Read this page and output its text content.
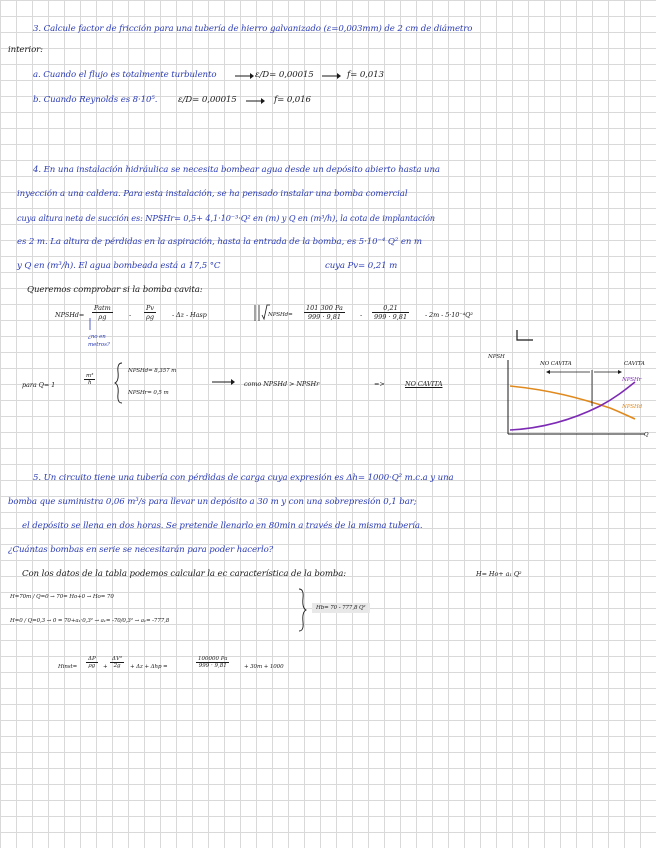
3. Calcule factor de fricción para una tubería de hierro galvanizado (ε=0,003mm) de 2 cm de diámetro
interior:
a. Cuando el flujo es totalmente turbulento	ε/D= 0,00015	f= 0,013
b. Cuando Reynolds es 8·10⁵. ε/D= 0,00015	f= 0,016
4. En una instalación hidráulica se necesita bombear agua desde un depósito abierto hasta una
inyección a una caldera. Para esta instalación, se ha pensado instalar una bomba comercial
cuya altura neta de succión es: NPSHr= 0,5+ 4,1·10⁻³·Q² en (m) y Q en (m³/h), la cota de implantación
es 2 m. La altura de pérdidas en la aspiración, hasta la entrada de la bomba, es 5·10⁻⁴ Q² en m
y Q en (m³/h). El agua bombeada está a 17,5 °C	cuya Pv= 0,21 m
Queremos comprobar si la bomba cavita:
NPSHd=
Patm
ρg	- $\frac{Pv}{\rho g}$ - Δz - Hasp	NPSHd= $\frac{101 300 Pa}{999 \cdot 9,81} - \frac{0,21}{999 \cdot 9,81} - 2m - 5\cdot 10^{-4}Q^2$
¿no en metros?
para Q= 1	$\frac{\text{m³}}{h}$
NPSHd= 8,357 m
NPSHr= 0,5 m
como NPSHd > NPSHr	=>	NO CAVITA
NPSH
Q
NO CAVITA	CAVITA
NPSHr
NPSHd
5. Un circuito tiene una tubería con pérdidas de carga cuya expresión es Δh= 1000·Q² m.c.a y una
bomba que suministra 0,06 m³/s para llevar un depósito a 30 m y con una sobrepresión 0,1 bar;
el depósito se llena en dos horas. Se pretende llenarlo en 80min a través de la misma tubería.
¿Cuántas bombas en serie se necesitarán para poder hacerlo?
Con los datos de la tabla podemos calcular la ec característica de la bomba:	H= Ho+ a₁ Q²
H=70m / Q=0 → 70= Ho+0 → Ho= 70
H=0 / Q=0,3 → 0 = 70+a₁·0,3² → a₁= -70/0,3² → a₁= -777,8
Hb= 70 - 777,8 Q²
Hinst= $\frac{\Delta P}{\rho g} + \frac{\text{ΔV²}}{2g} + \Delta z + \Delta hp$ =	$\frac{100000 Pa}{999 \cdot 9,81}$	+ 30m + 1000
